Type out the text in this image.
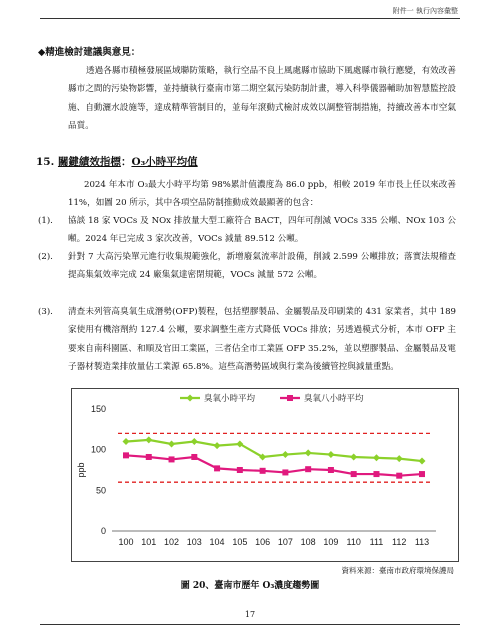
附件一 執行內容彙整
◆精進檢討建議與意見：

透過各縣市積極發展區域聯防策略，執行空品不良上風處縣市協助下風處縣市執行應變，有效改善縣市之間的污染物影響，並持續執行臺南市第二期空氣污染防制計畫，導入科學儀器輔助加智慧監控設施、自動灑水設施等，達成精準管制目的，並每年滾動式檢討成效以調整管制措施，持續改善本市空氣品質。

15. 關鍵績效指標：O₃小時平均值

2024 年本市 O₃最大小時平均第 98%累計值濃度為 86.0 ppb，相較 2019 年市長上任以來改善 11%，如圖 20 所示，其中各項空品防制推動成效最顯著的包含：

(1). 協談 18 家 VOCs 及 NOx 排放量大型工廠符合 BACT，四年可削減 VOCs 335 公噸、NOx 103 公噸。2024 年已完成 3 家次改善，VOCs 減量 89.512 公噸。
(2). 針對 7 大高污染單元進行收集規範強化，新增廢氣流率計設備，削減 2.599 公噸排放；落實法規稽查提高集氣效率完成 24 廠集氣達密閉規範，VOCs 減量 572 公噸。
(3). 清查未列管高臭氧生成潛勢(OFP)製程，包括塑膠製品、金屬製品及印刷業的 431 家業者，其中 189 家使用有機溶劑約 127.4 公噸，要求調整生產方式降低 VOCs 排放；另透過模式分析，本市 OFP 主要來自南科園區、和順及官田工業區，三者佔全市工業區 OFP 35.2%，並以塑膠製品、金屬製品及電子器材製造業排放量佔工業源 65.8%。這些高潛勢區域與行業為後續管控與減量重點。
0
50
100
150
ppb
100 101 102 103 104 105 106 107 108 109 110 111 112 113
臭氧小時平均	臭氧八小時平均
資料來源：臺南市政府環境保護局
圖 20、臺南市歷年 O₃濃度趨勢圖
17
